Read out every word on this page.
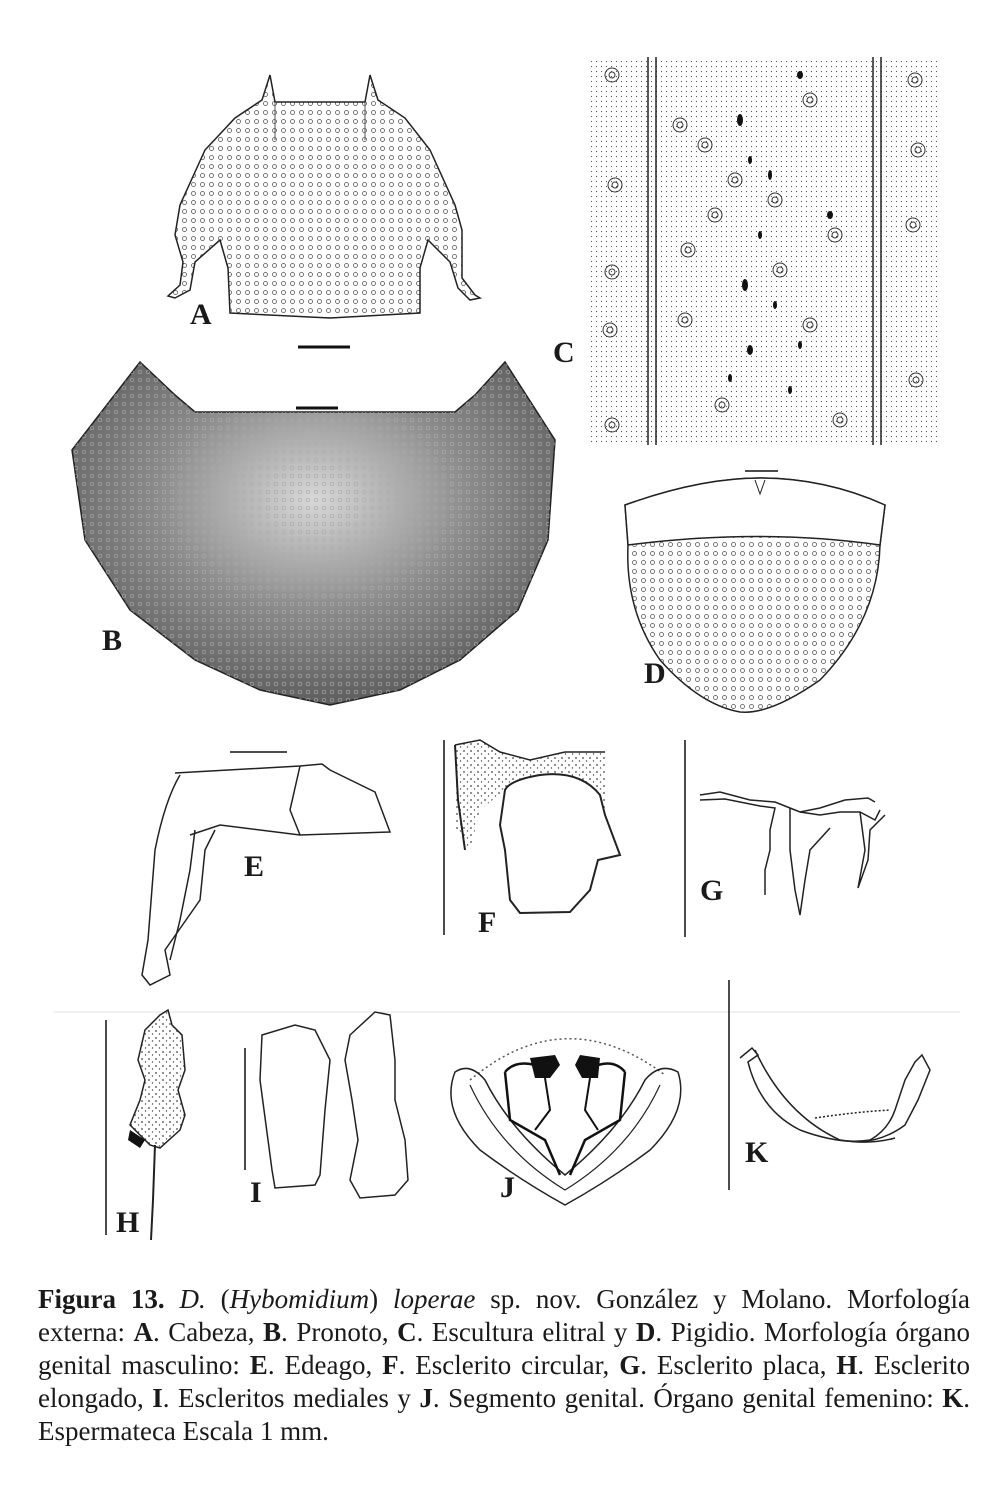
A
B
C
D
E
F
G
H
I	J
K
Figura 13. D. (Hybomidium) loperae sp. nov. González y Molano. Morfología externa: A. Cabeza, B. Pronoto, C. Escultura elitral y D. Pigidio. Morfología órgano genital masculino: E. Edeago, F. Esclerito circular, G. Esclerito placa, H. Esclerito elongado, I. Escleritos mediales y J. Segmento genital. Órgano genital femenino: K. Espermateca Escala 1 mm.
